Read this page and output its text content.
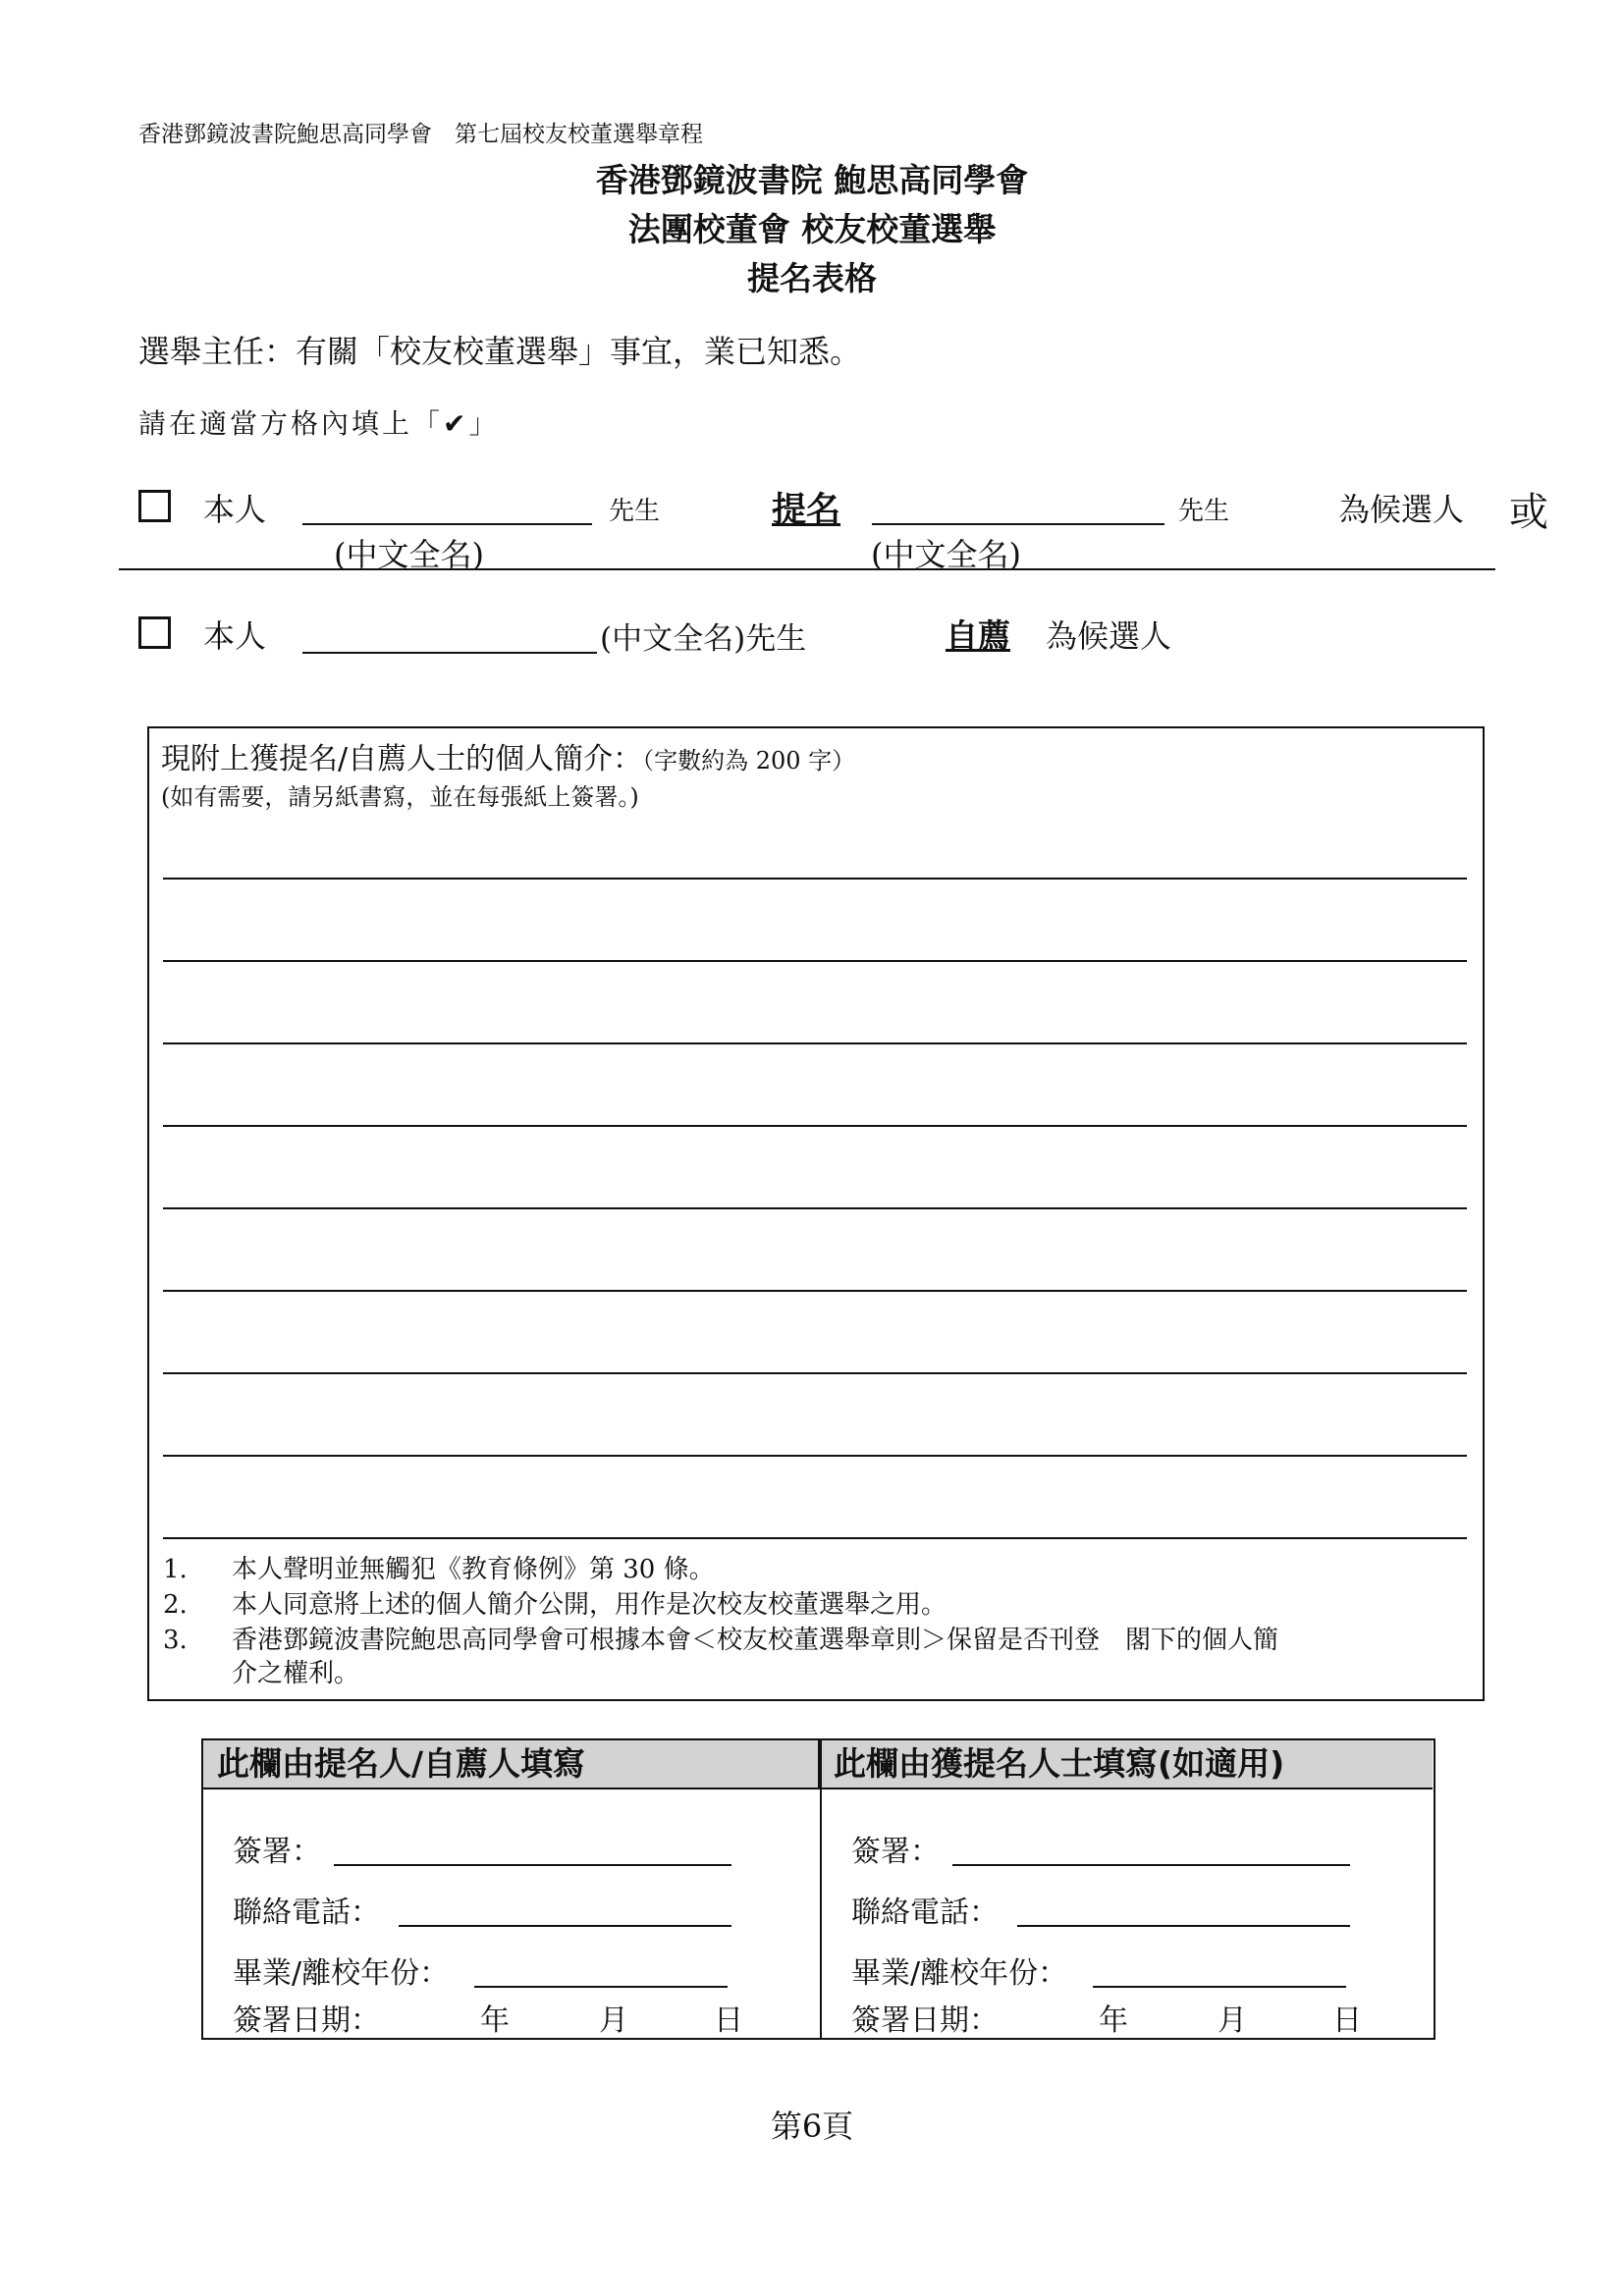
香港鄧鏡波書院鮑思高同學會　第七屆校友校董選舉章程
香港鄧鏡波書院 鮑思高同學會
法團校董會 校友校董選舉
提名表格
選舉主任：有關「校友校董選舉」事宜，業已知悉。
請在適當方格內填上「✔」
本人	先生	提名	先生	為候選人 或
(中文全名)	(中文全名)
本人	(中文全名)先生	自薦 為候選人
現附上獲提名/自薦人士的個人簡介：（字數約為 200 字）
(如有需要，請另紙書寫，並在每張紙上簽署。)
1. 本人聲明並無觸犯《教育條例》第 30 條。
2. 本人同意將上述的個人簡介公開，用作是次校友校董選舉之用。
3. 香港鄧鏡波書院鮑思高同學會可根據本會＜校友校董選舉章則＞保留是否刊登　閣下的個人簡
介之權利。
此欄由提名人/自薦人填寫	此欄由獲提名人士填寫(如適用)
簽署：
聯絡電話：
畢業/離校年份：
簽署日期：	年	月	日
簽署：
聯絡電話：
畢業/離校年份：
簽署日期：	年	月	日
第6頁
